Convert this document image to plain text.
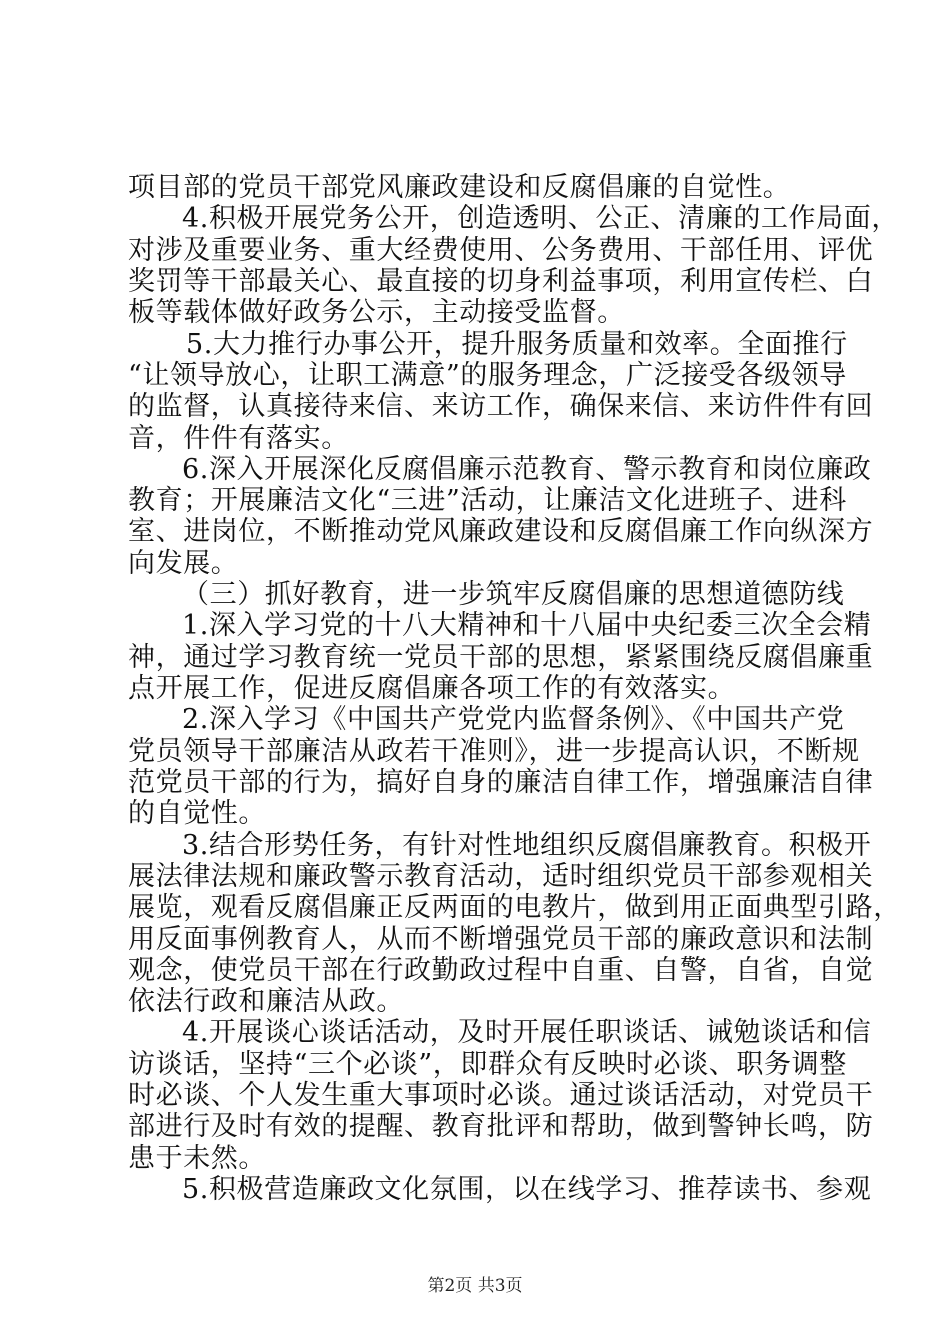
项目部的党员干部党风廉政建设和反腐倡廉的自觉性。

4.积极开展党务公开，创造透明、公正、清廉的工作局面，

对涉及重要业务、重大经费使用、公务费用、干部任用、评优

奖罚等干部最关心、最直接的切身利益事项，利用宣传栏、白

板等载体做好政务公示，主动接受监督。

5.大力推行办事公开，提升服务质量和效率。全面推行

“让领导放心，让职工满意”的服务理念，广泛接受各级领导

的监督，认真接待来信、来访工作，确保来信、来访件件有回

音，件件有落实。

6.深入开展深化反腐倡廉示范教育、警示教育和岗位廉政

教育；开展廉洁文化“三进”活动，让廉洁文化进班子、进科

室、进岗位，不断推动党风廉政建设和反腐倡廉工作向纵深方

向发展。

（三）抓好教育，进一步筑牢反腐倡廉的思想道德防线

1.深入学习党的十八大精神和十八届中央纪委三次全会精

神，通过学习教育统一党员干部的思想，紧紧围绕反腐倡廉重

点开展工作，促进反腐倡廉各项工作的有效落实。

2.深入学习《中国共产党党内监督条例》、《中国共产党

党员领导干部廉洁从政若干准则》，进一步提高认识，不断规

范党员干部的行为，搞好自身的廉洁自律工作，增强廉洁自律

的自觉性。

3.结合形势任务，有针对性地组织反腐倡廉教育。积极开

展法律法规和廉政警示教育活动，适时组织党员干部参观相关

展览，观看反腐倡廉正反两面的电教片，做到用正面典型引路，

用反面事例教育人，从而不断增强党员干部的廉政意识和法制

观念，使党员干部在行政勤政过程中自重、自警，自省，自觉

依法行政和廉洁从政。

4.开展谈心谈话活动，及时开展任职谈话、诫勉谈话和信

访谈话，坚持“三个必谈”，即群众有反映时必谈、职务调整

时必谈、个人发生重大事项时必谈。通过谈话活动，对党员干

部进行及时有效的提醒、教育批评和帮助，做到警钟长鸣，防

患于未然。

5.积极营造廉政文化氛围，以在线学习、推荐读书、参观

第2页 共3页
